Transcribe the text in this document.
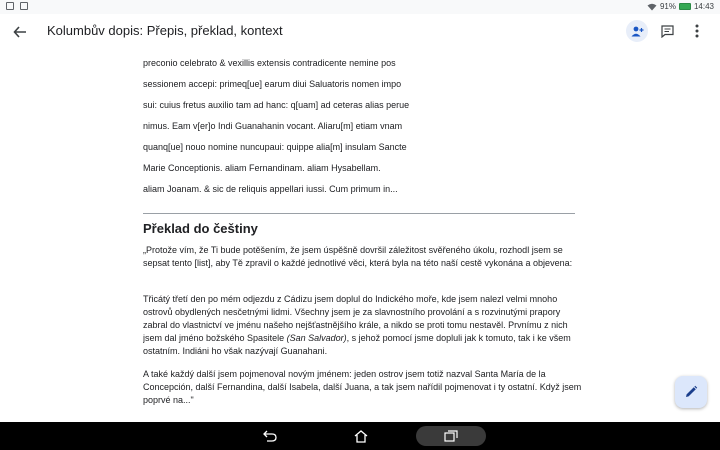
91% 14:43
Kolumbův dopis: Přepis, překlad, kontext
preconio celebrato & vexillis extensis contradicente nemine pos
sessionem accepi: primeq[ue] earum diui Saluatoris nomen impo
sui: cuius fretus auxilio tam ad hanc: q[uam] ad ceteras alias perue
nimus. Eam v[er]o Indi Guanahanin vocant. Aliaru[m] etiam vnam
quanq[ue] nouo nomine nuncupaui: quippe alia[m] insulam Sancte
Marie Conceptionis. aliam Fernandinam. aliam Hysabellam.
aliam Joanam. & sic de reliquis appellari iussi. Cum primum in...
Překlad do češtiny
„Protože vím, že Ti bude potěšením, že jsem úspěšně dovršil záležitost svěřeného úkolu, rozhodl jsem se sepsat tento [list], aby Tě zpravil o každé jednotlivé věci, která byla na této naší cestě vykonána a objevena:
Třicátý třetí den po mém odjezdu z Cádizu jsem doplul do Indického moře, kde jsem nalezl velmi mnoho ostrovů obydlených nesčetnými lidmi. Všechny jsem je za slavnostního provolání a s rozvinutými prapory zabral do vlastnictví ve jménu našeho nejšťastnějšího krále, a nikdo se proti tomu nestavěl. Prvnímu z nich jsem dal jméno božského Spasitele (San Salvador), s jehož pomocí jsme dopluli jak k tomuto, tak i ke všem ostatním. Indiáni ho však nazývají Guanahani.
A také každý další jsem pojmenoval novým jménem: jeden ostrov jsem totiž nazval Santa María de la Concepción, další Fernandina, další Isabela, další Juana, a tak jsem nařídil pojmenovat i ty ostatní. Když jsem poprvé na..."
